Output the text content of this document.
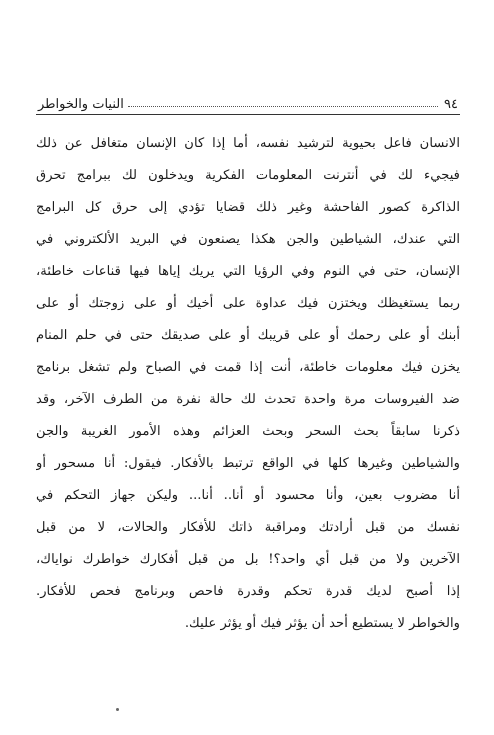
٩٤
النيات والخواطر
الانسان فاعل بحيوية لترشيد نفسه، أما إذا كان الإنسان متغافل عن ذلك
فيجيء لك في أنترنت المعلومات الفكرية ويدخلون لك ببرامج تحرق
الذاكرة كصور الفاحشة وغير ذلك قضايا تؤدي إلى حرق كل البرامج
التي عندك، الشياطين والجن هكذا يصنعون في البريد الألكتروني في
الإنسان، حتى في النوم وفي الرؤيا التي يريك إياها فيها قناعات خاطئة،
ربما يستغيظك ويختزن فيك عداوة على أخيك أو على زوجتك أو على
أبنك أو على رحمك أو على قريبك أو على صديقك حتى في حلم المنام
يخزن فيك معلومات خاطئة، أنت إذا قمت في الصباح ولم تشغل برنامج
ضد الفيروسات مرة واحدة تحدث لك حالة نفرة من الطرف الآخر، وقد
ذكرنا سابقاً بحث السحر وبحث العزائم وهذه الأمور الغريبة والجن
والشياطين وغيرها كلها في الواقع ترتبط بالأفكار. فيقول: أنا مسحور أو
أنا مضروب بعين، وأنا محسود أو أنا.. أنا... وليكن جهاز التحكم في
نفسك من قبل أرادتك ومراقبة ذاتك للأفكار والحالات، لا من قبل
الآخرين ولا من قبل أي واحد؟! بل من قبل أفكارك خواطرك نواياك،
إذا أصبح لديك قدرة تحكم وقدرة فاحص وبرنامج فحص للأفكار.
والخواطر لا يستطيع أحد أن يؤثر فيك أو يؤثر عليك.
